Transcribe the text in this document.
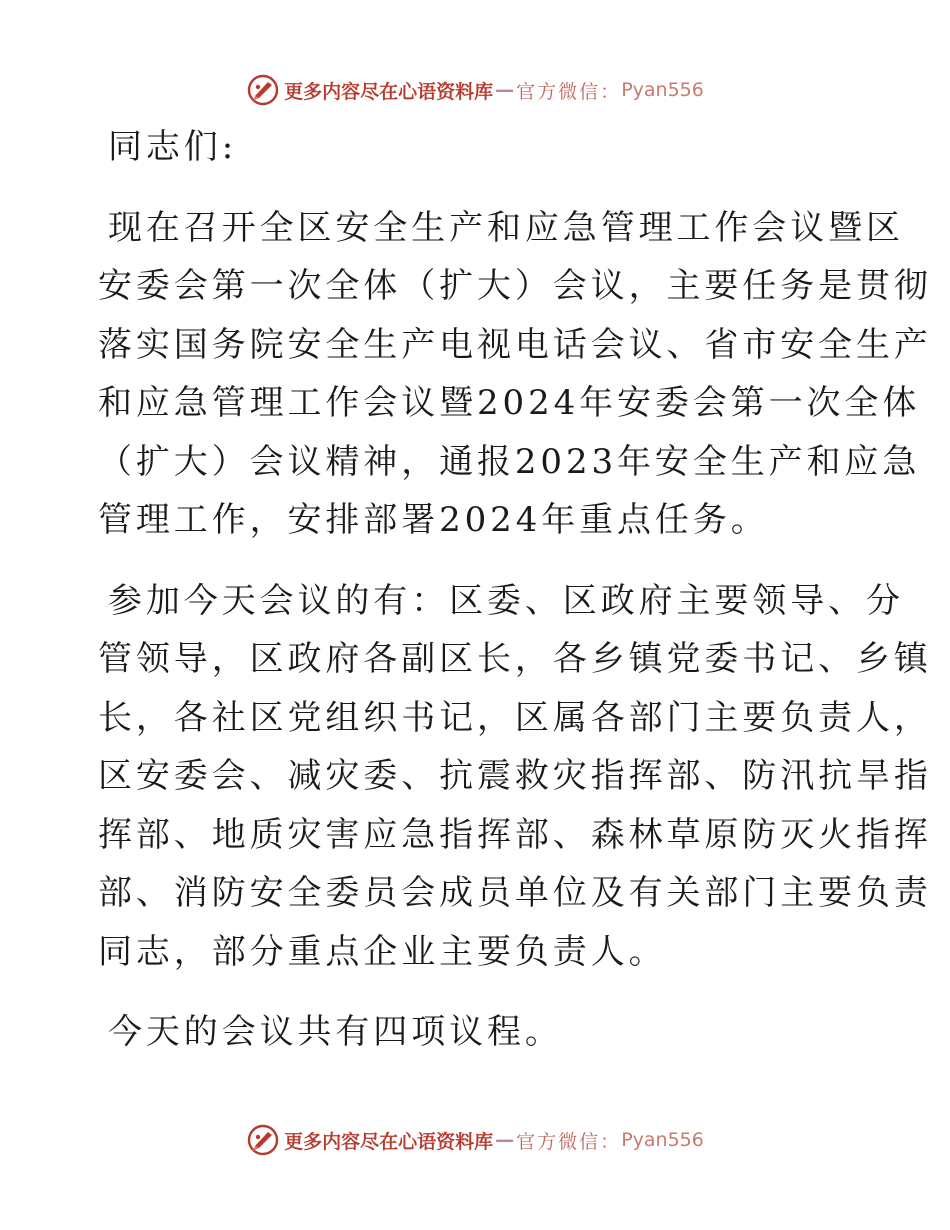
更多内容尽在心语资料库 — 官方微信： Pyan556
同志们:
现在召开全区安全生产和应急管理工作会议暨区
安委会第一次全体（扩大）会议，主要任务是贯彻
落实国务院安全生产电视电话会议、省市安全生产
和应急管理工作会议暨2024年安委会第一次全体
（扩大）会议精神，通报2023年安全生产和应急
管理工作，安排部署2024年重点任务。
参加今天会议的有：区委、区政府主要领导、分
管领导，区政府各副区长，各乡镇党委书记、乡镇
长，各社区党组织书记，区属各部门主要负责人，
区安委会、减灾委、抗震救灾指挥部、防汛抗旱指
挥部、地质灾害应急指挥部、森林草原防灭火指挥
部、消防安全委员会成员单位及有关部门主要负责
同志，部分重点企业主要负责人。
今天的会议共有四项议程。
更多内容尽在心语资料库 — 官方微信： Pyan556
